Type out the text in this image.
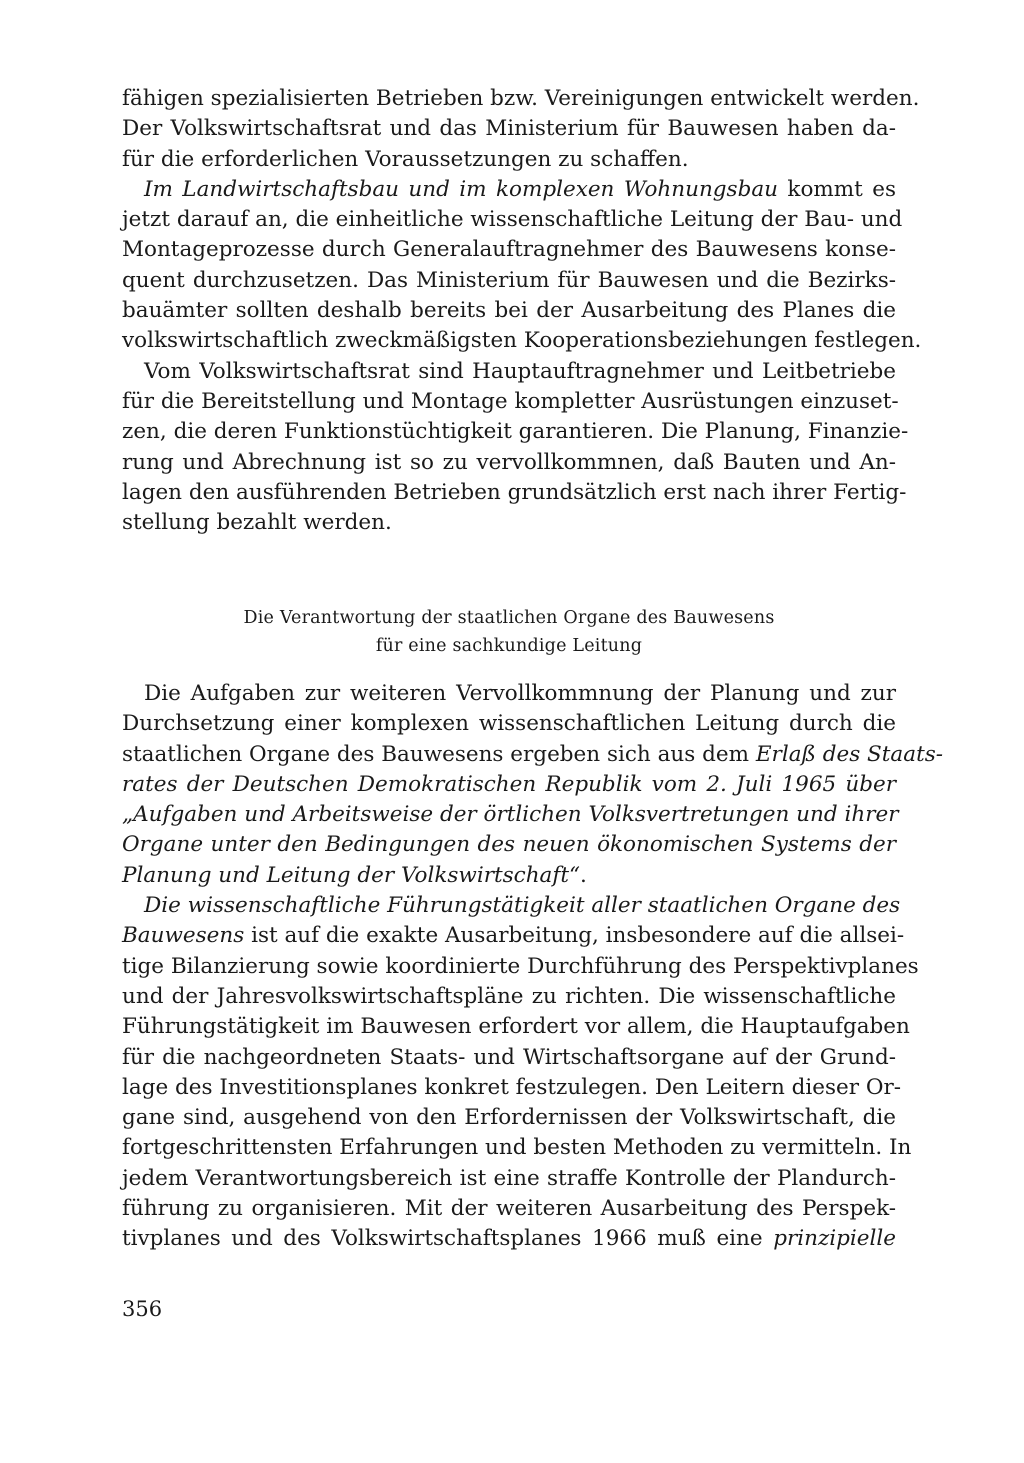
fähigen spezialisierten Betrieben bzw. Vereinigungen entwickelt werden.
Der Volkswirtschaftsrat und das Ministerium für Bauwesen haben da-
für die erforderlichen Voraussetzungen zu schaffen.

Im Landwirtschaftsbau und im komplexen Wohnungsbau kommt es
jetzt darauf an, die einheitliche wissenschaftliche Leitung der Bau- und
Montageprozesse durch Generalauftragnehmer des Bauwesens konse-
quent durchzusetzen. Das Ministerium für Bauwesen und die Bezirks-
bauämter sollten deshalb bereits bei der Ausarbeitung des Planes die
volkswirtschaftlich zweckmäßigsten Kooperationsbeziehungen festlegen.

Vom Volkswirtschaftsrat sind Hauptauftragnehmer und Leitbetriebe
für die Bereitstellung und Montage kompletter Ausrüstungen einzuset-
zen, die deren Funktionstüchtigkeit garantieren. Die Planung, Finanzie-
rung und Abrechnung ist so zu vervollkommnen, daß Bauten und An-
lagen den ausführenden Betrieben grundsätzlich erst nach ihrer Fertig-
stellung bezahlt werden.

Die Verantwortung der staatlichen Organe des Bauwesens
für eine sachkundige Leitung

Die Aufgaben zur weiteren Vervollkommnung der Planung und zur
Durchsetzung einer komplexen wissenschaftlichen Leitung durch die
staatlichen Organe des Bauwesens ergeben sich aus dem Erlaß des Staats-
rates der Deutschen Demokratischen Republik vom 2. Juli 1965 über
„Aufgaben und Arbeitsweise der örtlichen Volksvertretungen und ihrer
Organe unter den Bedingungen des neuen ökonomischen Systems der
Planung und Leitung der Volkswirtschaft“.

Die wissenschaftliche Führungstätigkeit aller staatlichen Organe des
Bauwesens ist auf die exakte Ausarbeitung, insbesondere auf die allsei-
tige Bilanzierung sowie koordinierte Durchführung des Perspektivplanes
und der Jahresvolkswirtschaftspläne zu richten. Die wissenschaftliche
Führungstätigkeit im Bauwesen erfordert vor allem, die Hauptaufgaben
für die nachgeordneten Staats- und Wirtschaftsorgane auf der Grund-
lage des Investitionsplanes konkret festzulegen. Den Leitern dieser Or-
gane sind, ausgehend von den Erfordernissen der Volkswirtschaft, die
fortgeschrittensten Erfahrungen und besten Methoden zu vermitteln. In
jedem Verantwortungsbereich ist eine straffe Kontrolle der Plandurch-
führung zu organisieren. Mit der weiteren Ausarbeitung des Perspek-
tivplanes und des Volkswirtschaftsplanes 1966 muß eine prinzipielle

356
